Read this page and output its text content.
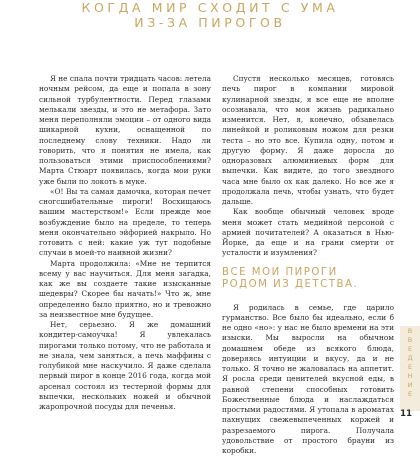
КОГДА МИР СХОДИТ С УМА
ИЗ-ЗА ПИРОГОВ

Я не спала почти тридцать часов: летела ночным рейсом, да еще и попала в зону сильной турбулентности. Перед глазами мелькали звезды, и это не метафора. Зато меня переполняли эмоции – от одного вида шикарной кухни, оснащенной по последнему слову техники. Надо ли говорить, что я понятия не имела, как пользоваться этими приспособлениями? Марта Стюарт появилась, когда мои руки уже были по локоть в муке.

«О! Вы та самая дамочка, которая печет сногсшибательные пироги! Восхищаюсь вашим мастерством!» Если прежде мое возбуждение было на пределе, то теперь меня окончательно эйфорией накрыло. Но готовить с ней: какие уж тут подобные случаи в моей-то наивной жизни?

Марта продолжила: «Мне не терпится всему у вас научиться. Для меня загадка, как же вы создаете такие изысканные шедевры? Скорее бы начать!» Что ж, мне определенно было приятно, но и тревожно за неизвестное мне будущее.

Нет, серьезно. Я же домашний кондитер-самоучка! Я увлекалась пирогами только потому, что не работала и не знала, чем заняться, а печь маффины с голубикой мне наскучило. Я даже сделала первый пирог в конце 2016 года, когда мой арсенал состоял из тестерной формы для выпечки, нескольких ножей и обычной жаропрочной посуды для печенья.

Спустя несколько месяцев, готовясь печь пирог в компании мировой кулинарной звезды, я все еще не вполне осознавала, что моя жизнь радикально изменится. Нет, я, конечно, обзавелась линейкой и роликовым ножом для резки теста – но это все. Купила одну, потом и другую форму. Я даже доросла до одноразовых алюминиевых форм для выпечки. Как видите, до того звездного часа мне было ох как далеко. Но все же я продолжала печь, чтобы узнать, что будет дальше.

Как вообще обычный человек вроде меня может стать медийной персоной с армией почитателей? А оказаться в Нью-Йорке, да еще и на грани смерти от усталости и изумления?

ВСЕ МОИ ПИРОГИ
РОДОМ ИЗ ДЕТСТВА.

Я родилась в семье, где царило гурманство. Все было бы идеально, если б не одно «но»: у нас не было времени на эти изыски. Мы выросли на обычном домашнем обеде из всякого блюда, доверяясь интуиции и вкусу, да и не только. Я точно не жаловалась на аппетит. Я росла среди ценителей вкусной еды, в равной степени способных готовить Божественные блюда и наслаждаться простыми радостями. Я утопала в ароматах пахнущих свежевыпеченных коржей и разрезаемого пирога. Получала удовольствие от простого брауни из коробки.

В
В
Е
Д
Е
Н
И
Е
11
